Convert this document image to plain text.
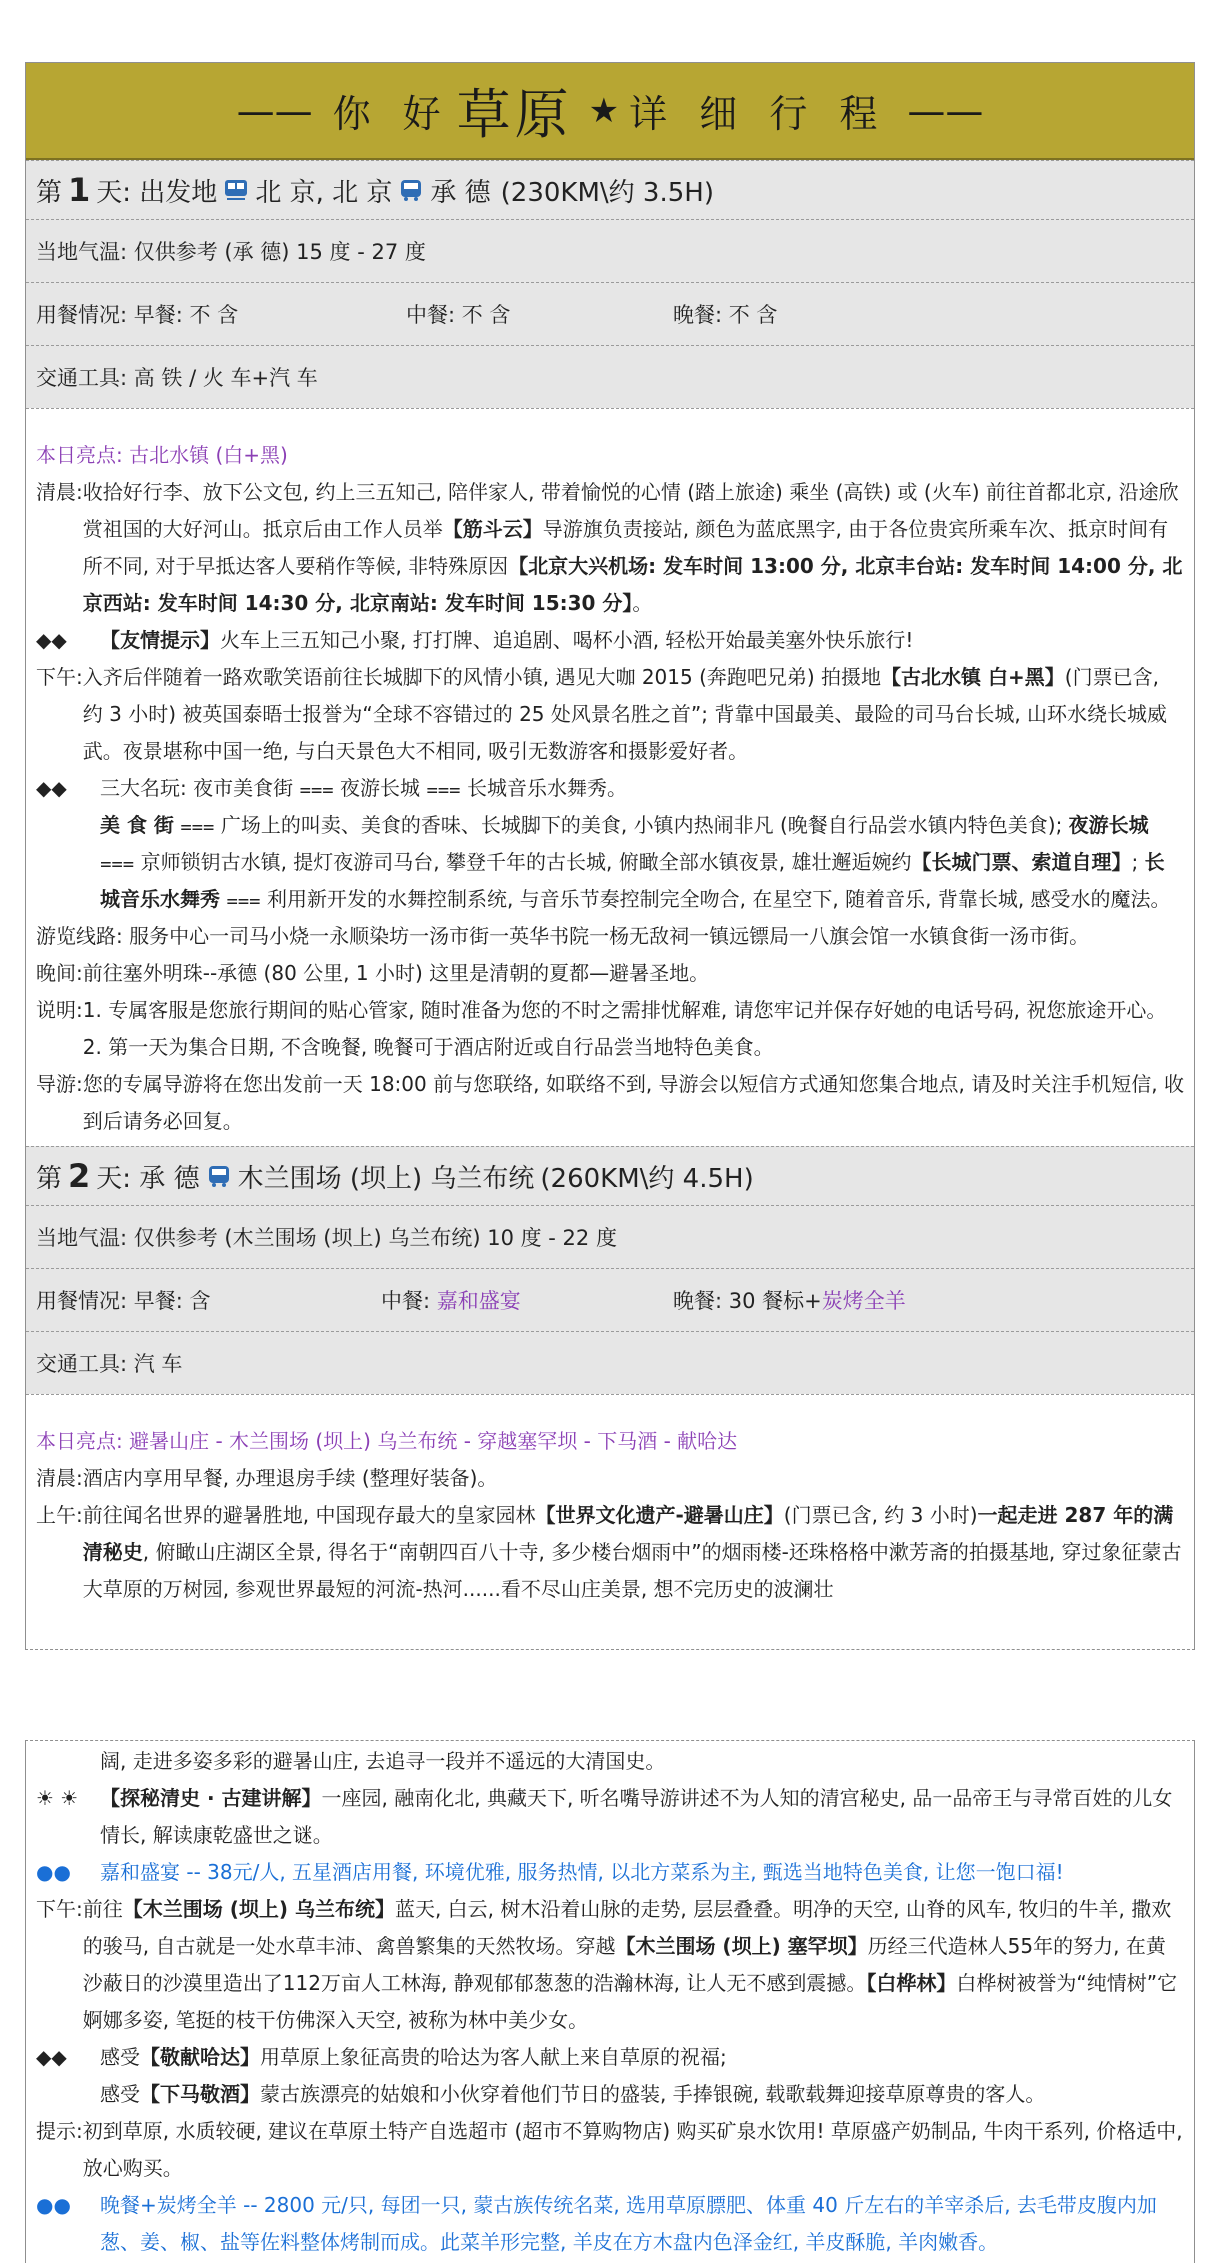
—— 你 好 草原 ★ 详 细 行 程 ——
第 1 天: 出发地 北 京, 北 京 承 德 (230KM\约 3.5H)
当地气温: 仅供参考 (承 德) 15 度 - 27 度
用餐情况: 早餐: 不 含	中餐: 不 含	晚餐: 不 含
交通工具: 高 铁 / 火 车+汽 车
本日亮点: 古北水镇 (白+黑)
清晨: 收拾好行李、放下公文包, 约上三五知己, 陪伴家人, 带着愉悦的心情 (踏上旅途) 乘坐 (高铁) 或 (火车) 前往首都北京, 沿途欣赏祖国的大好河山。抵京后由工作人员举【筋斗云】导游旗负责接站, 颜色为蓝底黑字, 由于各位贵宾所乘车次、抵京时间有所不同, 对于早抵达客人要稍作等候, 非特殊原因【北京大兴机场: 发车时间 13:00 分, 北京丰台站: 发车时间 14:00 分, 北京西站: 发车时间 14:30 分, 北京南站: 发车时间 15:30 分】。
◆◆	【友情提示】火车上三五知己小聚, 打打牌、追追剧、喝杯小酒, 轻松开始最美塞外快乐旅行!
下午: 入齐后伴随着一路欢歌笑语前往长城脚下的风情小镇, 遇见大咖 2015 (奔跑吧兄弟) 拍摄地【古北水镇 白+黑】(门票已含, 约 3 小时) 被英国泰晤士报誉为“全球不容错过的 25 处风景名胜之首”; 背靠中国最美、最险的司马台长城, 山环水绕长城威武。夜景堪称中国一绝, 与白天景色大不相同, 吸引无数游客和摄影爱好者。
◆◆	三大名玩: 夜市美食街 ⩶ 夜游长城 ⩶ 长城音乐水舞秀。
美 食 街 ⩶ 广场上的叫卖、美食的香味、长城脚下的美食, 小镇内热闹非凡 (晚餐自行品尝水镇内特色美食); 夜游长城 ⩶ 京师锁钥古水镇, 提灯夜游司马台, 攀登千年的古长城, 俯瞰全部水镇夜景, 雄壮邂逅婉约【长城门票、索道自理】; 长城音乐水舞秀 ⩶ 利用新开发的水舞控制系统, 与音乐节奏控制完全吻合, 在星空下, 随着音乐, 背靠长城, 感受水的魔法。
游览线路: 服务中心一司马小烧一永顺染坊一汤市街一英华书院一杨无敌祠一镇远镖局一八旗会馆一水镇食街一汤市街。
晚间: 前往塞外明珠--承德 (80 公里, 1 小时) 这里是清朝的夏都—避暑圣地。
说明: 1. 专属客服是您旅行期间的贴心管家, 随时准备为您的不时之需排忧解难, 请您牢记并保存好她的电话号码, 祝您旅途开心。2. 第一天为集合日期, 不含晚餐, 晚餐可于酒店附近或自行品尝当地特色美食。
导游: 您的专属导游将在您出发前一天 18:00 前与您联络, 如联络不到, 导游会以短信方式通知您集合地点, 请及时关注手机短信, 收到后请务必回复。
第 2 天: 承 德 木兰围场 (坝上) 乌兰布统 (260KM\约 4.5H)
当地气温: 仅供参考 (木兰围场 (坝上) 乌兰布统) 10 度 - 22 度
用餐情况: 早餐: 含	中餐: 嘉和盛宴	晚餐: 30 餐标+炭烤全羊
交通工具: 汽 车
本日亮点: 避暑山庄 - 木兰围场 (坝上) 乌兰布统 - 穿越塞罕坝 - 下马酒 - 献哈达
清晨: 酒店内享用早餐, 办理退房手续 (整理好装备)。
上午: 前往闻名世界的避暑胜地, 中国现存最大的皇家园林【世界文化遗产-避暑山庄】(门票已含, 约 3 小时)一起走进 287 年的满清秘史, 俯瞰山庄湖区全景, 得名于“南朝四百八十寺, 多少楼台烟雨中”的烟雨楼-还珠格格中漱芳斋的拍摄基地, 穿过象征蒙古大草原的万树园, 参观世界最短的河流-热河......看不尽山庄美景, 想不完历史的波澜壮
阔, 走进多姿多彩的避暑山庄, 去追寻一段并不遥远的大清国史。
☀ ☀	【探秘清史 · 古建讲解】一座园, 融南化北, 典藏天下, 听名嘴导游讲述不为人知的清宫秘史, 品一品帝王与寻常百姓的儿女情长, 解读康乾盛世之谜。
●●	嘉和盛宴 -- 38元/人, 五星酒店用餐, 环境优雅, 服务热情, 以北方菜系为主, 甄选当地特色美食, 让您一饱口福!
下午: 前往【木兰围场 (坝上) 乌兰布统】蓝天, 白云, 树木沿着山脉的走势, 层层叠叠。明净的天空, 山脊的风车, 牧归的牛羊, 撒欢的骏马, 自古就是一处水草丰沛、禽兽繁集的天然牧场。穿越【木兰围场 (坝上) 塞罕坝】历经三代造林人55年的努力, 在黄沙蔽日的沙漠里造出了112万亩人工林海, 静观郁郁葱葱的浩瀚林海, 让人无不感到震撼。【白桦林】白桦树被誉为“纯情树”它婀娜多姿, 笔挺的枝干仿佛深入天空, 被称为林中美少女。
◆◆	感受【敬献哈达】用草原上象征高贵的哈达为客人献上来自草原的祝福;
感受【下马敬酒】蒙古族漂亮的姑娘和小伙穿着他们节日的盛装, 手捧银碗, 载歌载舞迎接草原尊贵的客人。
提示: 初到草原, 水质较硬, 建议在草原土特产自选超市 (超市不算购物店) 购买矿泉水饮用! 草原盛产奶制品, 牛肉干系列, 价格适中, 放心购买。
●●	晚餐+炭烤全羊 -- 2800 元/只, 每团一只, 蒙古族传统名菜, 选用草原膘肥、体重 40 斤左右的羊宰杀后, 去毛带皮腹内加葱、姜、椒、盐等佐料整体烤制而成。此菜羊形完整, 羊皮在方木盘内色泽金红, 羊皮酥脆, 羊肉嫩香。
